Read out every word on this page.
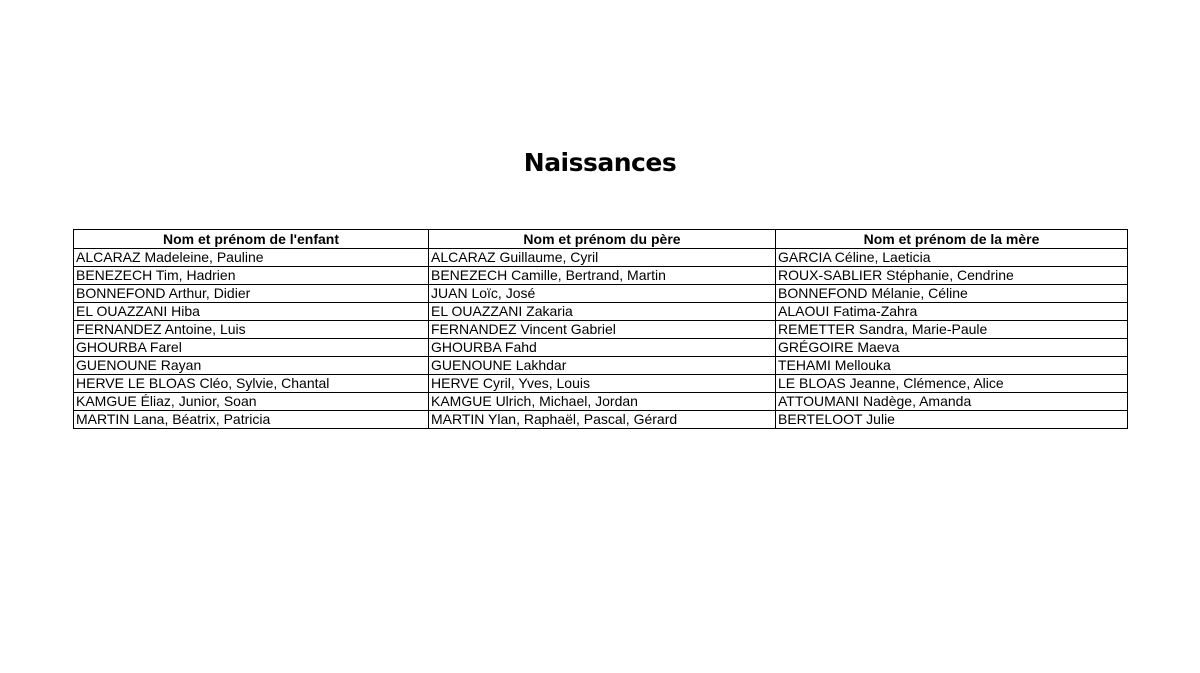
Naissances
Nom et prénom de l'enfant	Nom et prénom du père	Nom et prénom de la mère
ALCARAZ Madeleine, Pauline	ALCARAZ Guillaume, Cyril	GARCIA Céline, Laeticia
BENEZECH Tim, Hadrien	BENEZECH Camille, Bertrand, Martin	ROUX-SABLIER Stéphanie, Cendrine
BONNEFOND Arthur, Didier	JUAN Loïc, José	BONNEFOND Mélanie, Céline
EL OUAZZANI Hiba	EL OUAZZANI Zakaria	ALAOUI Fatima-Zahra
FERNANDEZ Antoine, Luis	FERNANDEZ Vincent Gabriel	REMETTER Sandra, Marie-Paule
GHOURBA Farel	GHOURBA Fahd	GRÉGOIRE Maeva
GUENOUNE Rayan	GUENOUNE Lakhdar	TEHAMI Mellouka
HERVE LE BLOAS Cléo, Sylvie, Chantal	HERVE Cyril, Yves, Louis	LE BLOAS Jeanne, Clémence, Alice
KAMGUE Éliaz, Junior, Soan	KAMGUE Ulrich, Michael, Jordan	ATTOUMANI Nadège, Amanda
MARTIN Lana, Béatrix, Patricia	MARTIN Ylan, Raphaël, Pascal, Gérard	BERTELOOT Julie
